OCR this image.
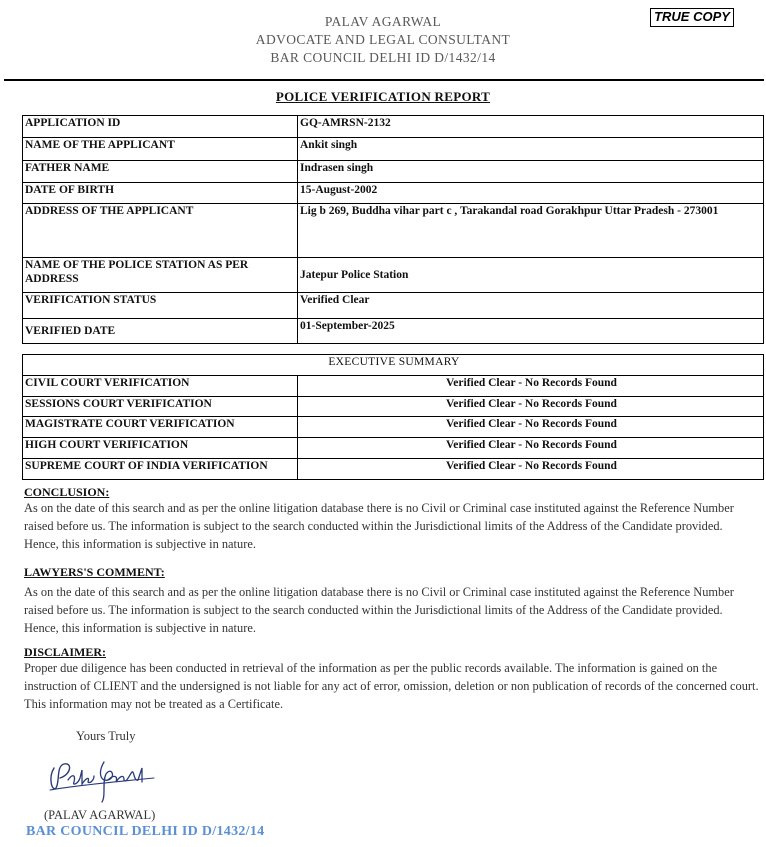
PALAV AGARWAL
ADVOCATE AND LEGAL CONSULTANT
BAR COUNCIL DELHI ID D/1432/14
TRUE COPY
POLICE VERIFICATION REPORT
APPLICATION ID	GQ-AMRSN-2132
NAME OF THE APPLICANT	Ankit singh
FATHER NAME	Indrasen singh
DATE OF BIRTH	15-August-2002
ADDRESS OF THE APPLICANT	Lig b 269, Buddha vihar part c , Tarakandal road Gorakhpur Uttar Pradesh - 273001
NAME OF THE POLICE STATION AS PER ADDRESS	Jatepur Police Station
VERIFICATION STATUS	Verified Clear
VERIFIED DATE	01-September-2025
EXECUTIVE SUMMARY	
CIVIL COURT VERIFICATION	Verified Clear - No Records Found
SESSIONS COURT VERIFICATION	Verified Clear - No Records Found
MAGISTRATE COURT VERIFICATION	Verified Clear - No Records Found
HIGH COURT VERIFICATION	Verified Clear - No Records Found
SUPREME COURT OF INDIA VERIFICATION	Verified Clear - No Records Found
CONCLUSION:
As on the date of this search and as per the online litigation database there is no Civil or Criminal case instituted against the Reference Number raised before us. The information is subject to the search conducted within the Jurisdictional limits of the Address of the Candidate provided. Hence, this information is subjective in nature.
LAWYERS'S COMMENT:
As on the date of this search and as per the online litigation database there is no Civil or Criminal case instituted against the Reference Number raised before us. The information is subject to the search conducted within the Jurisdictional limits of the Address of the Candidate provided. Hence, this information is subjective in nature.
DISCLAIMER:
Proper due diligence has been conducted in retrieval of the information as per the public records available. The information is gained on the instruction of CLIENT and the undersigned is not liable for any act of error, omission, deletion or non publication of records of the concerned court. This information may not be treated as a Certificate.
Yours Truly
(PALAV AGARWAL)
BAR COUNCIL DELHI ID D/1432/14
